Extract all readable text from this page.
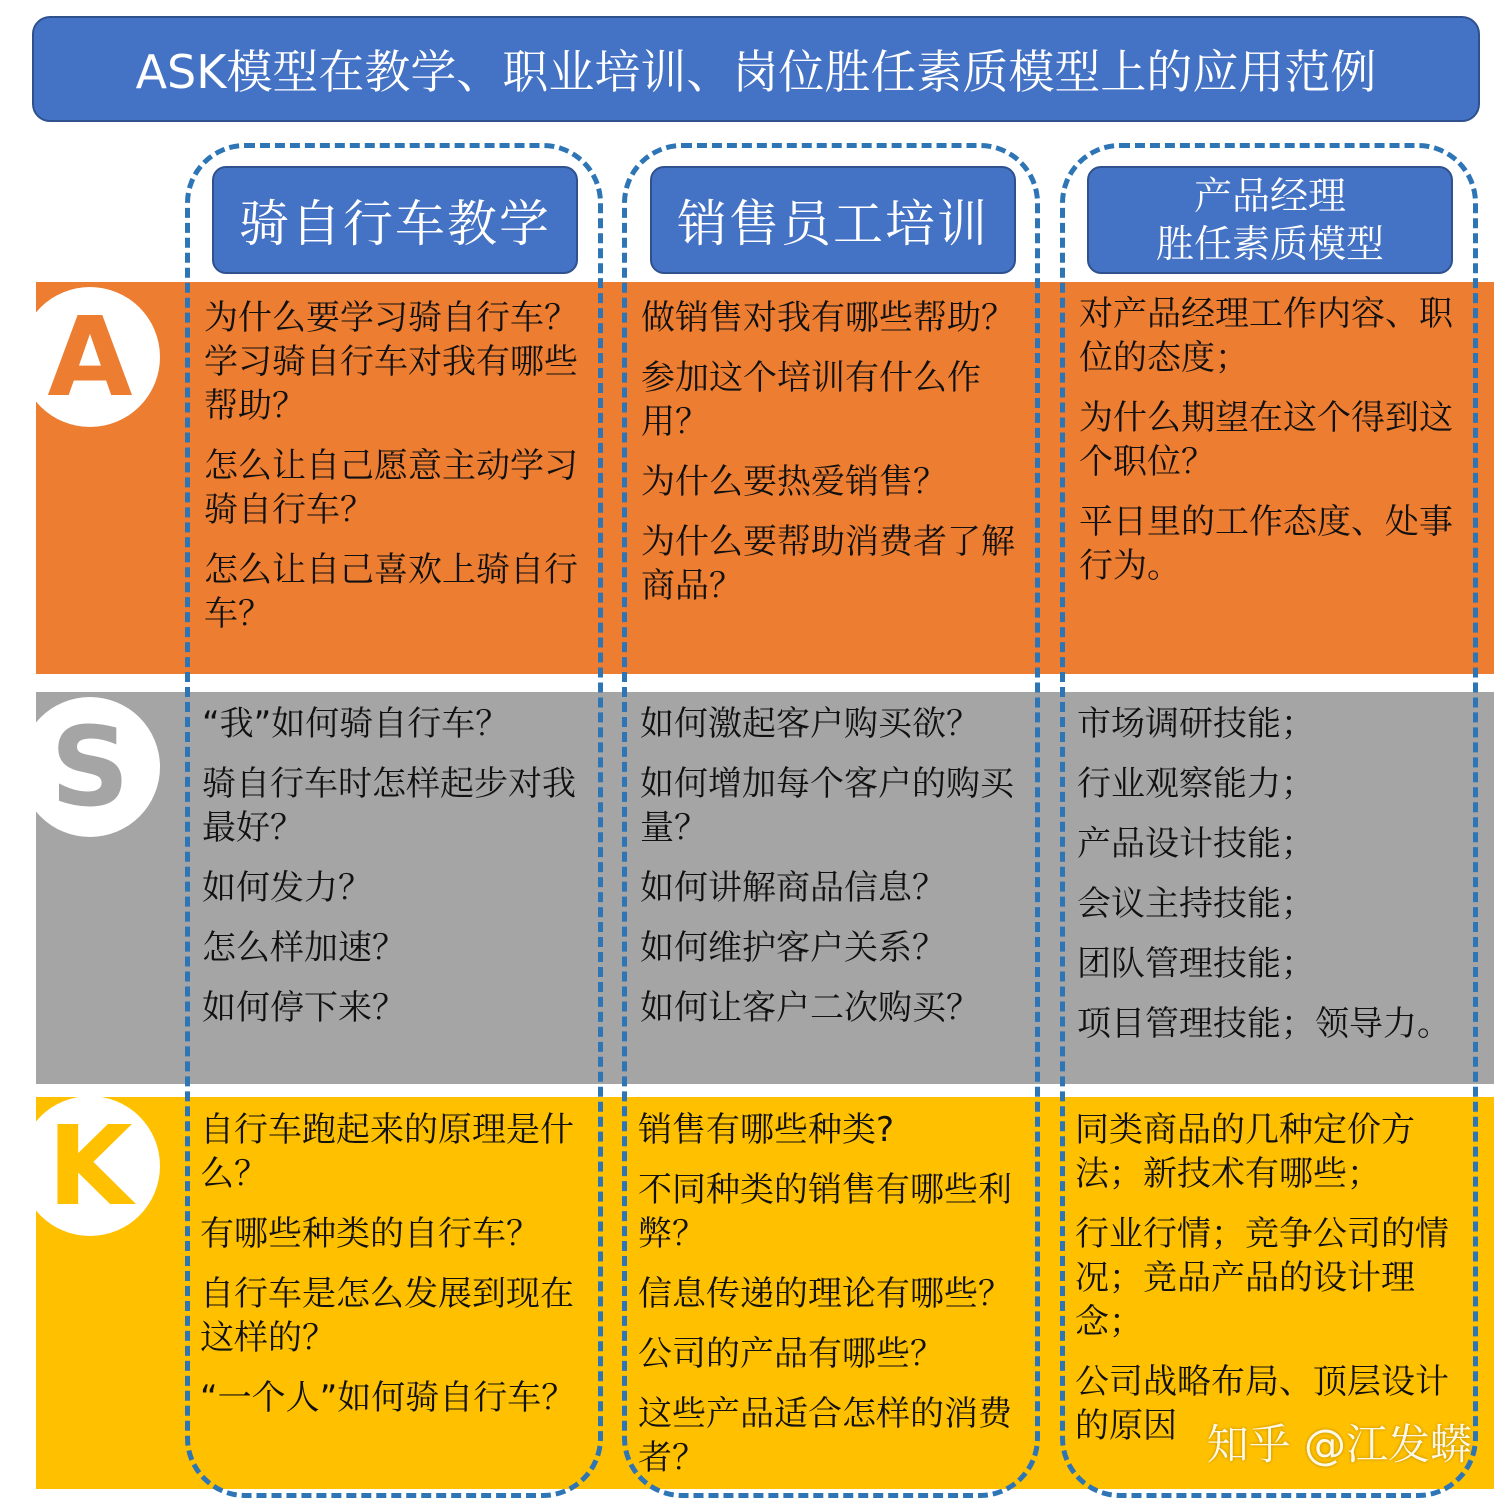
ASK模型在教学、职业培训、岗位胜任素质模型上的应用范例
A
S
K
骑自行车教学	销售员工培训	产品经理
胜任素质模型

为什么要学习骑自行车？学习骑自行车对我有哪些帮助？

怎么让自己愿意主动学习骑自行车？

怎么让自己喜欢上骑自行车？

“我”如何骑自行车？

骑自行车时怎样起步对我最好？

如何发力？

怎么样加速？

如何停下来？

自行车跑起来的原理是什么？

有哪些种类的自行车？

自行车是怎么发展到现在这样的？

“一个人”如何骑自行车？

做销售对我有哪些帮助？

参加这个培训有什么作用？

为什么要热爱销售？

为什么要帮助消费者了解商品？

如何激起客户购买欲？

如何增加每个客户的购买量？

如何讲解商品信息？

如何维护客户关系？

如何让客户二次购买？

销售有哪些种类?

不同种类的销售有哪些利弊？

信息传递的理论有哪些？

公司的产品有哪些？

这些产品适合怎样的消费者？

对产品经理工作内容、职位的态度；

为什么期望在这个得到这个职位？

平日里的工作态度、处事行为。

市场调研技能；

行业观察能力；

产品设计技能；

会议主持技能；

团队管理技能；

项目管理技能；领导力。

同类商品的几种定价方法；新技术有哪些；

行业行情；竞争公司的情况；竞品产品的设计理念；

公司战略布局、顶层设计的原因 知乎 @江发蟒
